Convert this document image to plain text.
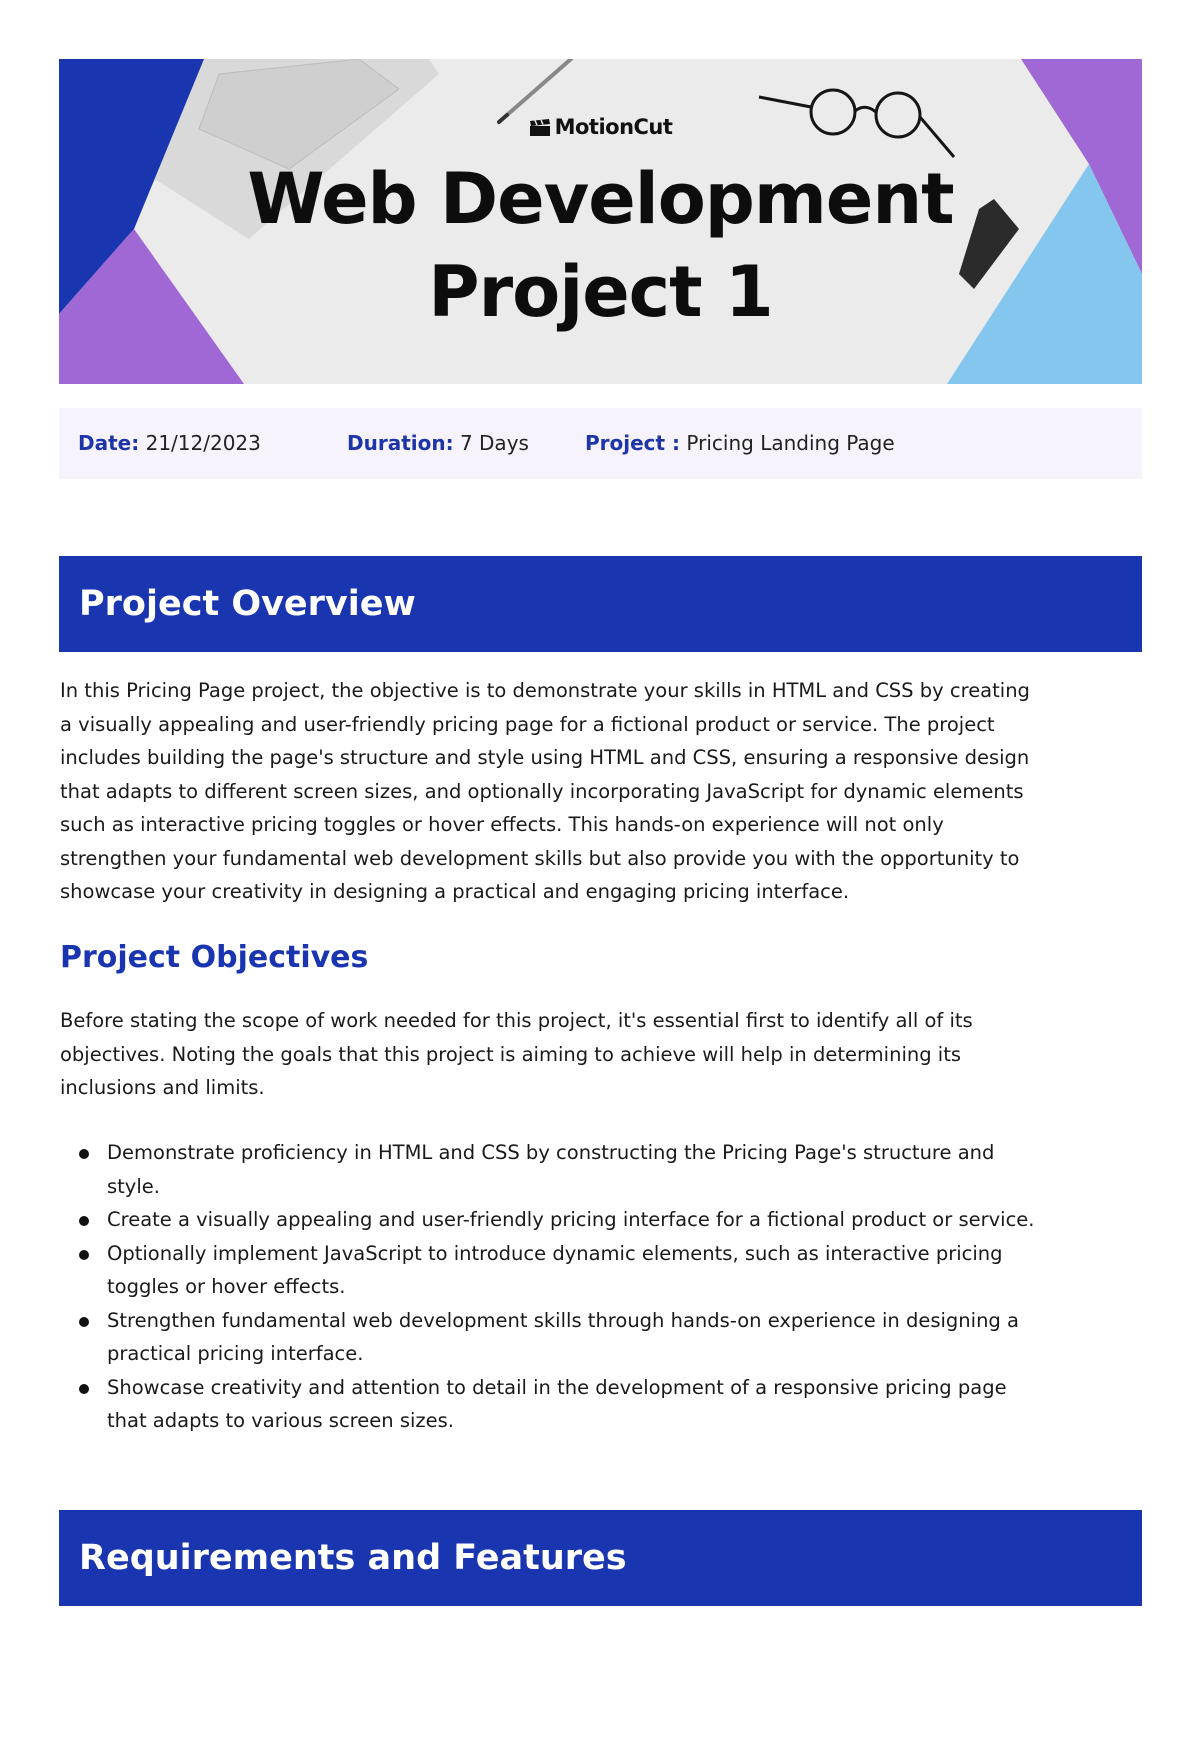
MotionCut
Web Development
Project 1
Date: 21/12/2023	Duration: 7 Days	Project : Pricing Landing Page
Project Overview
In this Pricing Page project, the objective is to demonstrate your skills in HTML and CSS by creating
a visually appealing and user-friendly pricing page for a fictional product or service. The project
includes building the page's structure and style using HTML and CSS, ensuring a responsive design
that adapts to different screen sizes, and optionally incorporating JavaScript for dynamic elements
such as interactive pricing toggles or hover effects. This hands-on experience will not only
strengthen your fundamental web development skills but also provide you with the opportunity to
showcase your creativity in designing a practical and engaging pricing interface.
Project Objectives
Before stating the scope of work needed for this project, it's essential first to identify all of its
objectives. Noting the goals that this project is aiming to achieve will help in determining its
inclusions and limits.
Demonstrate proficiency in HTML and CSS by constructing the Pricing Page's structure and
style.
Create a visually appealing and user-friendly pricing interface for a fictional product or service.
Optionally implement JavaScript to introduce dynamic elements, such as interactive pricing
toggles or hover effects.
Strengthen fundamental web development skills through hands-on experience in designing a
practical pricing interface.
Showcase creativity and attention to detail in the development of a responsive pricing page
that adapts to various screen sizes.
Requirements and Features
